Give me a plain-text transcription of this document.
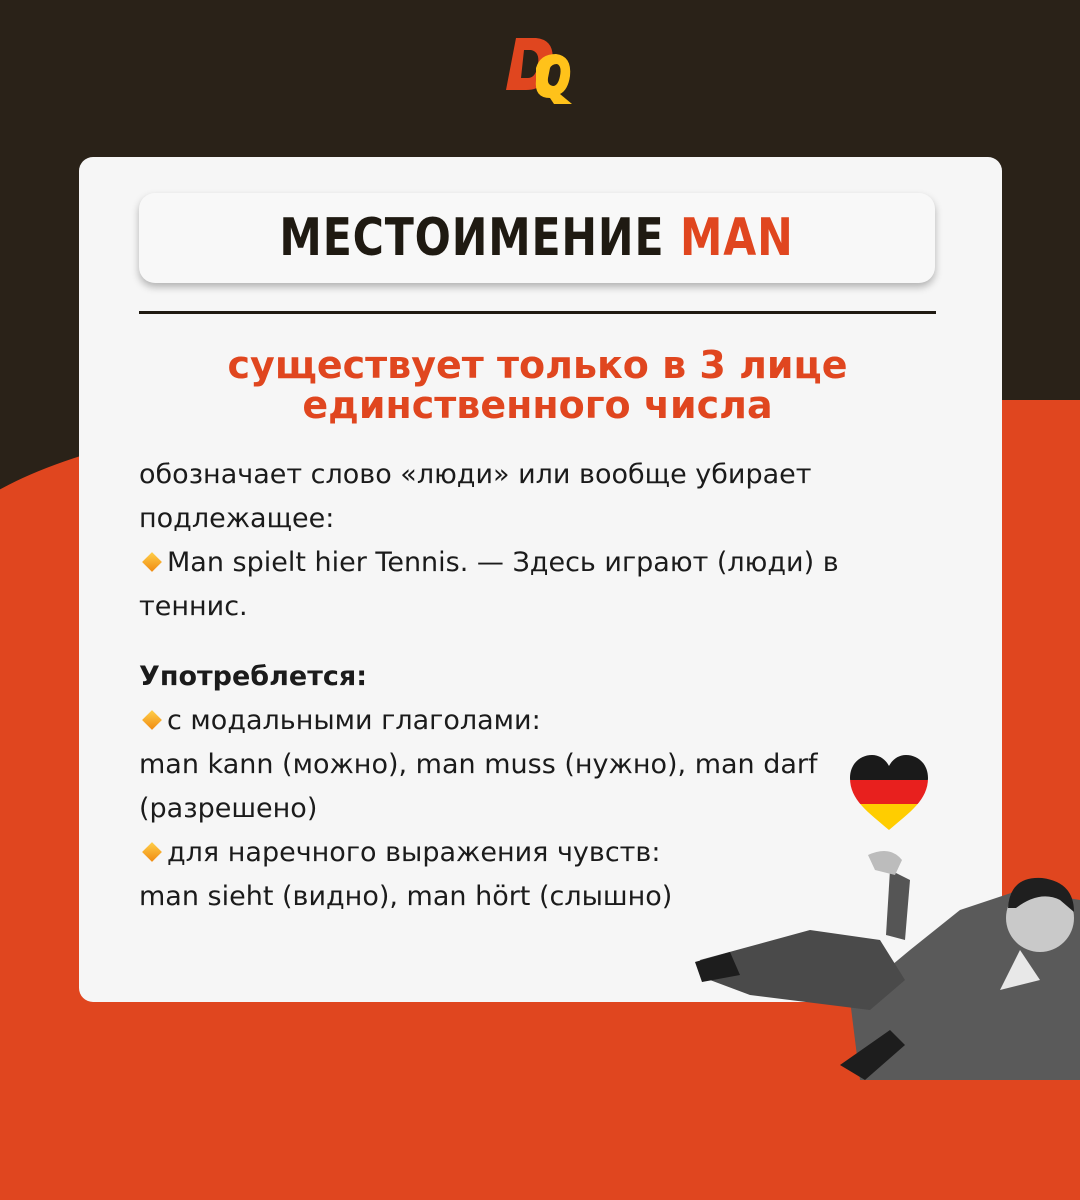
МЕСТОИМЕНИЕ MAN
существует только в 3 лице
единственного числа

обозначает слово «люди» или вообще убирает

подлежащее:

Man spielt hier Tennis. — Здесь играют (люди) в

теннис.

Употреблется:

с модальными глаголами:

man kann (можно), man muss (нужно), man darf

(разрешено)

для наречного выражения чувств:

man sieht (видно), man hört (слышно)
